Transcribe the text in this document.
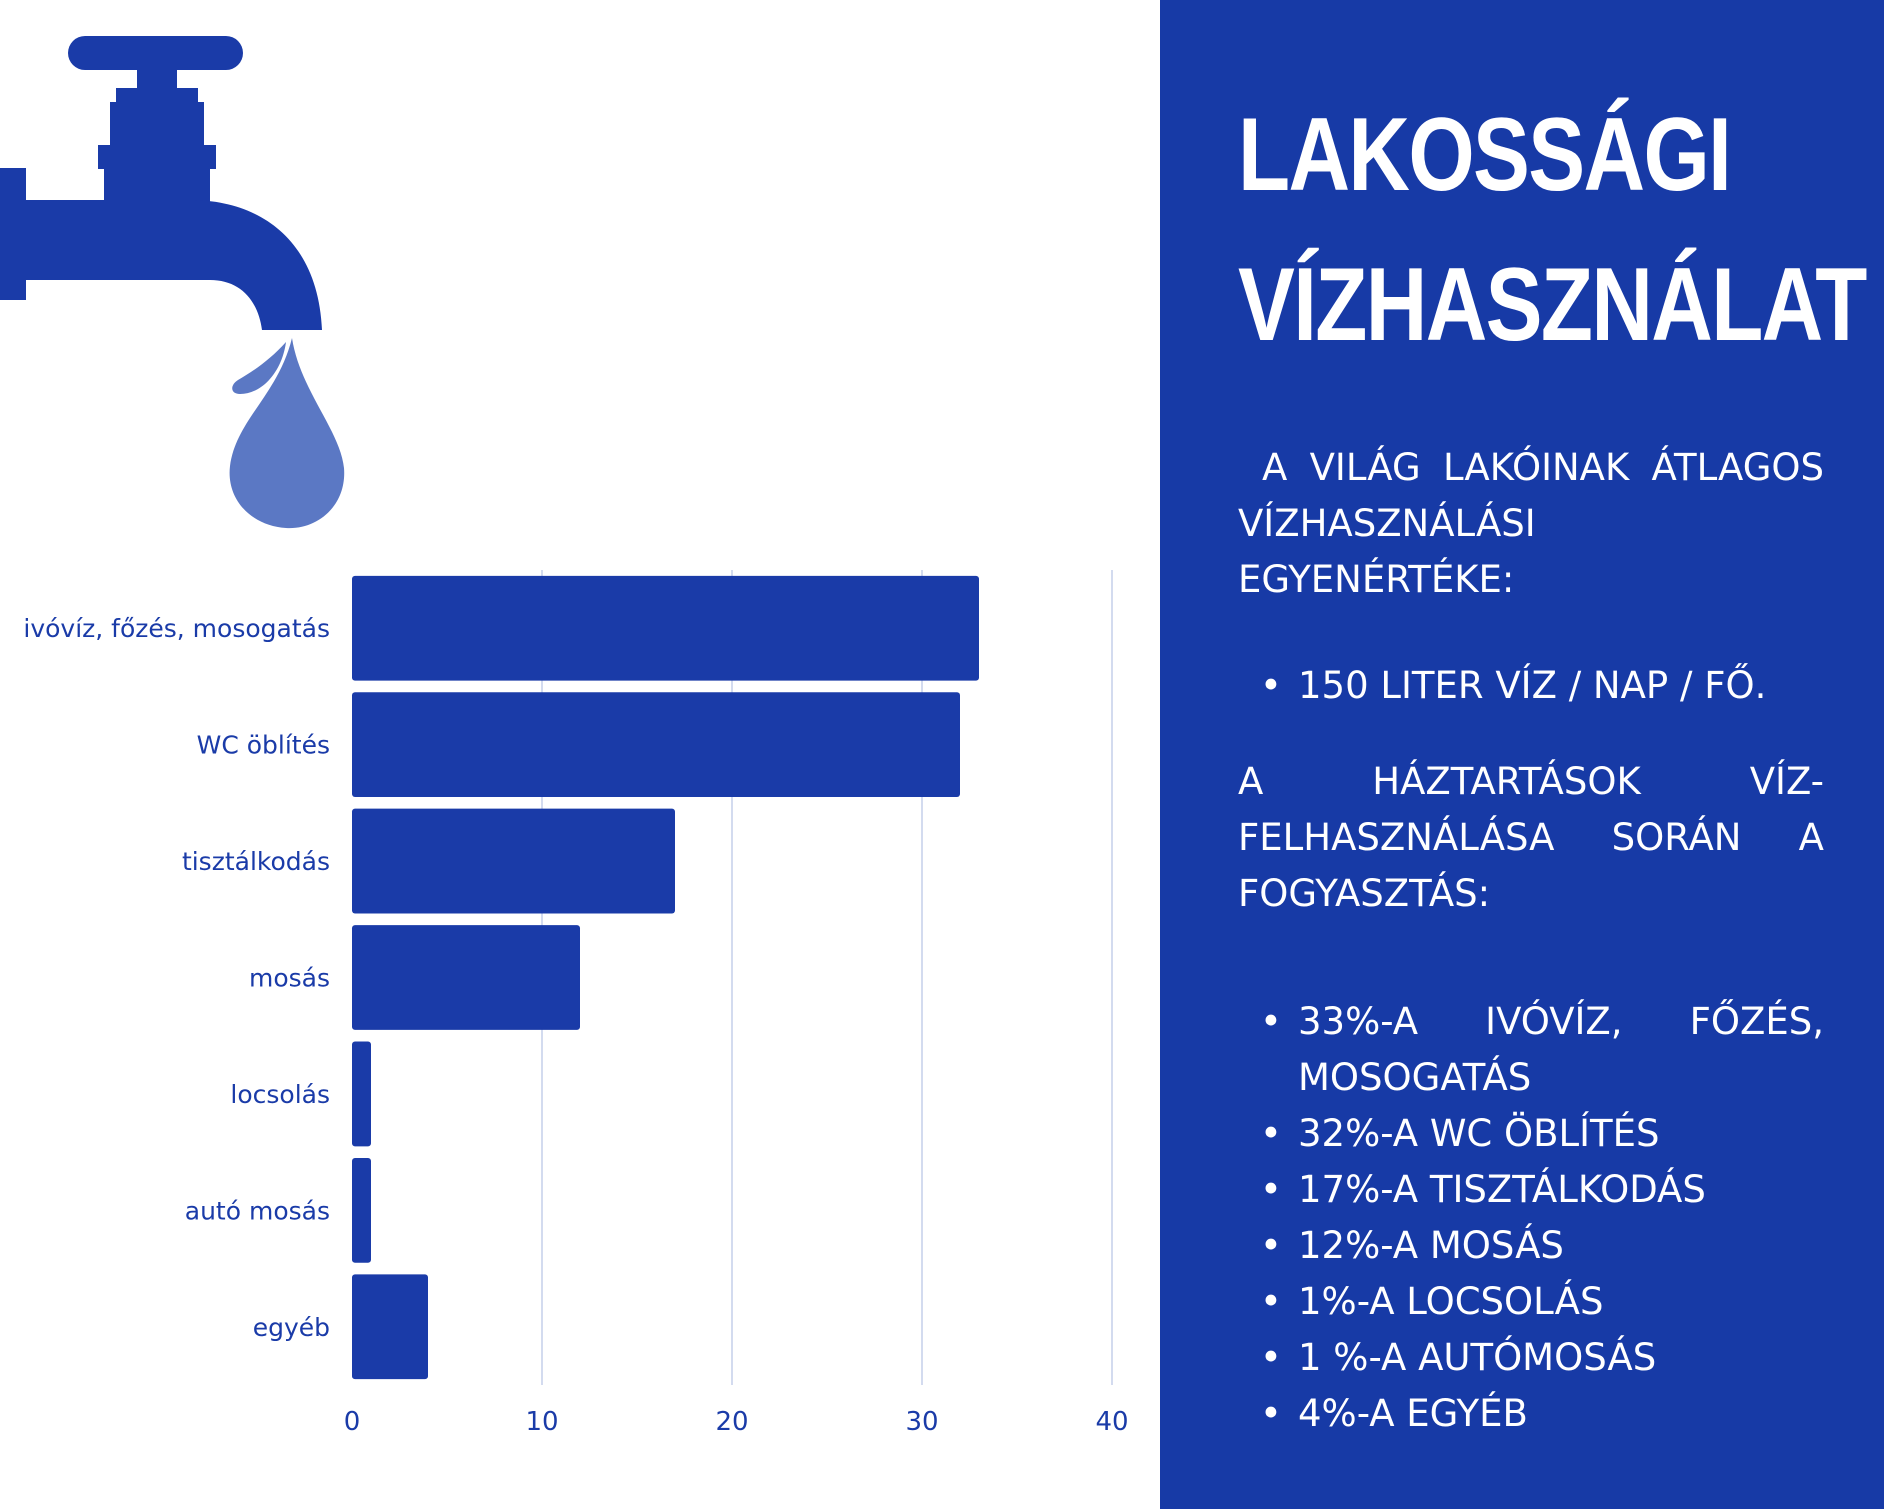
ivóvíz, főzés, mosogatás
WC öblítés
tisztálkodás
mosás
locsolás
autó mosás
egyéb
0	10	20	30	40
LAKOSSÁGI
VÍZHASZNÁLAT

A VILÁG LAKÓINAK ÁTLAGOS VÍZHASZNÁLÁSI EGYENÉRTÉKE:

• 150 LITER VÍZ / NAP / FŐ.

A HÁZTARTÁSOK VÍZ-FELHASZNÁLÁSA SORÁN A FOGYASZTÁS:

• 33%-A IVÓVÍZ, FŐZÉS, MOSOGATÁS
• 32%-A WC ÖBLÍTÉS
• 17%-A TISZTÁLKODÁS
• 12%-A MOSÁS
• 1%-A LOCSOLÁS
• 1 %-A AUTÓMOSÁS
• 4%-A EGYÉB
